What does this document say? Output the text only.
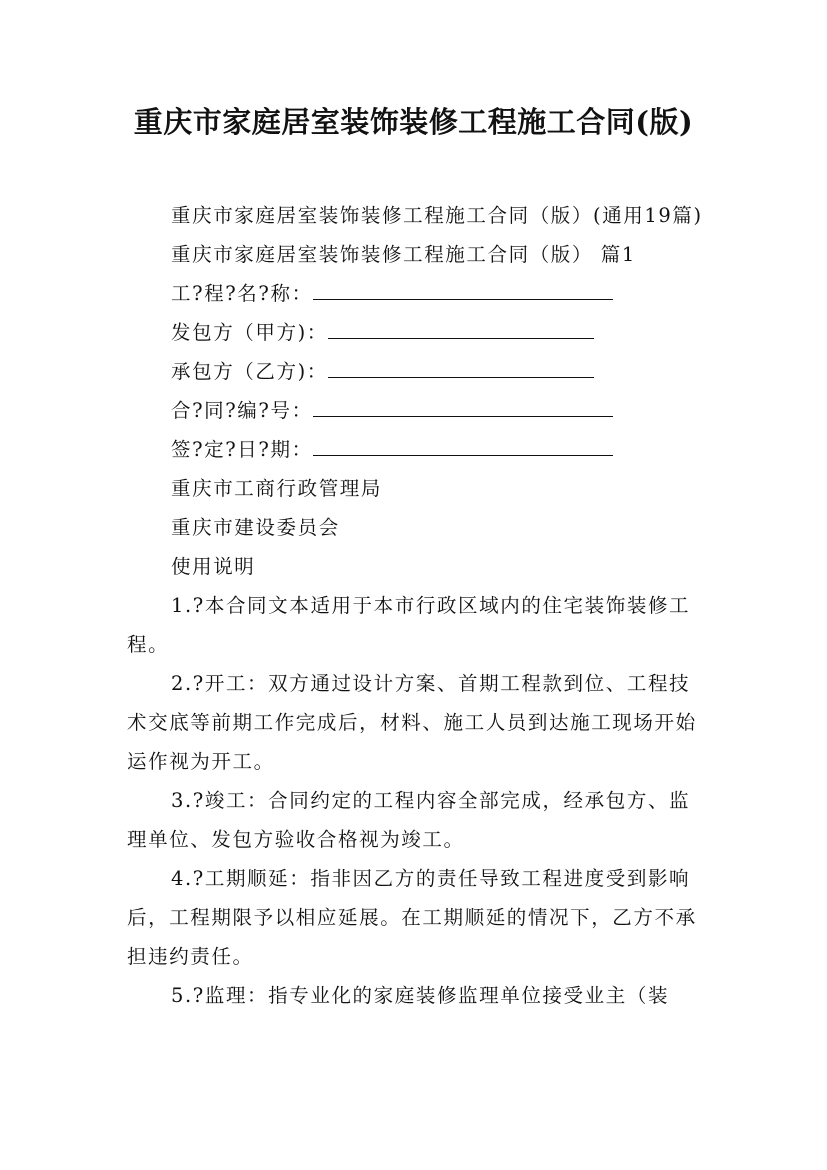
重庆市家庭居室装饰装修工程施工合同(版)

重庆市家庭居室装饰装修工程施工合同（版）(通用19篇)

重庆市家庭居室装饰装修工程施工合同（版） 篇1

工?程?名?称：

发包方（甲方)：

承包方（乙方)：

合?同?编?号：

签?定?日?期：

重庆市工商行政管理局

重庆市建设委员会

使用说明

1.?本合同文本适用于本市行政区域内的住宅装饰装修工程。

2.?开工：双方通过设计方案、首期工程款到位、工程技术交底等前期工作完成后，材料、施工人员到达施工现场开始运作视为开工。

3.?竣工：合同约定的工程内容全部完成，经承包方、监理单位、发包方验收合格视为竣工。

4.?工期顺延：指非因乙方的责任导致工程进度受到影响后，工程期限予以相应延展。在工期顺延的情况下，乙方不承担违约责任。

5.?监理：指专业化的家庭装修监理单位接受业主（装
